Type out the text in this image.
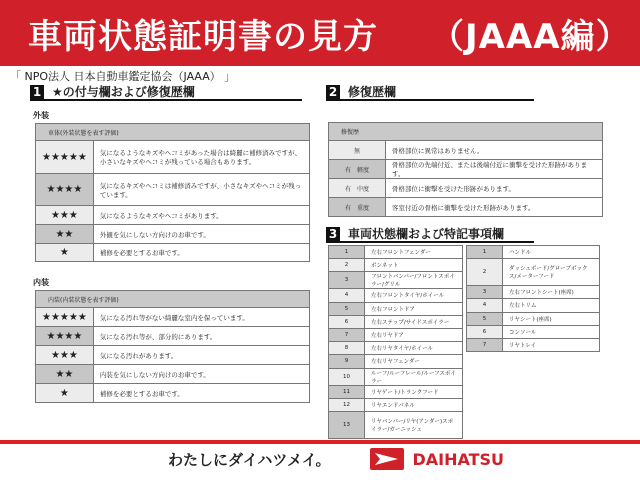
車両状態証明書の見方 （JAAA編）
「 NPO法人 日本自動車鑑定協会（JAAA） 」
1 ★の付与欄および修復歴欄
外装
車体(外装状態を表す評価)	
★★★★★	気になるようなキズやヘコミがあった場合は綺麗に補修済みですが、小さいなキズやヘコミが残っている場合もあります。
★★★★	気になるキズやヘコミは補修済みですが、小さなキズやヘコミが残っています。
★★★	気になるようなキズやヘコミがあります。
★★	外観を気にしない方向けのお車です。
★	補修を必要とするお車です。
内装
内装(内装状態を表す評価)	
★★★★★	気になる汚れ等がない綺麗な室内を保っています。
★★★★	気になる汚れ等が、部分的にあります。
★★★	気になる汚れがあります。
★★	内装を気にしない方向けのお車です。
★	補修を必要とするお車です。
2 修復歴欄
修復歴	
無	骨格部位に異常はありません。
有　軽度	骨格部位の先端付近、または後端付近に衝撃を受けた形跡があります。
有　中度	骨格部位に衝撃を受けた形跡があります。
有　重度	客室付近の骨格に衝撃を受けた形跡があります。
3 車両状態欄および特記事項欄
1	左右フロントフェンダー
2	ボンネット
3	フロントバンパー/フロントスポイラー/グリル
4	左右フロントタイヤ/ホイール
5	左右フロントドア
6	左右ステップ/サイドスポイラー
7	左右リヤドア
8	左右リヤタイヤ/ホイール
9	左右リヤフェンダー
10	ルーフ/ルーフレール/ルーフスポイラー
11	リヤゲート/トランクフード
12	リヤエンドパネル
13	リヤバンパー/リヤ(アンダー)スポイラー/ガーニッシュ
1	ハンドル
2	ダッシュボード/グローブボックス/メーターフード
3	左右フロントシート(座席)
4	左右トリム
5	リヤシート(座席)
6	コンソール
7	リヤトレイ
わたしにダイハツメイ。	DAIHATSU
